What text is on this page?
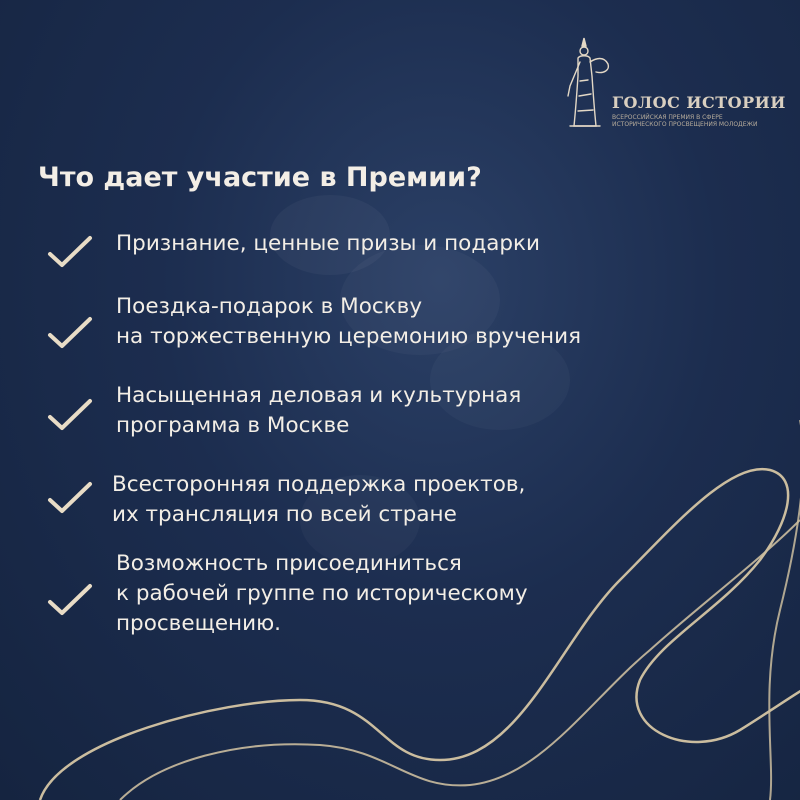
ГОЛОС ИСТОРИИ
ВСЕРОССИЙСКАЯ ПРЕМИЯ В СФЕРЕ
ИСТОРИЧЕСКОГО ПРОСВЕЩЕНИЯ МОЛОДЕЖИ
Что дает участие в Премии?
Признание, ценные призы и подарки
Поездка-подарок в Москву
на торжественную церемонию вручения
Насыщенная деловая и культурная
программа в Москве
Всесторонняя поддержка проектов,
их трансляция по всей стране
Возможность присоединиться
к рабочей группе по историческому
просвещению.
